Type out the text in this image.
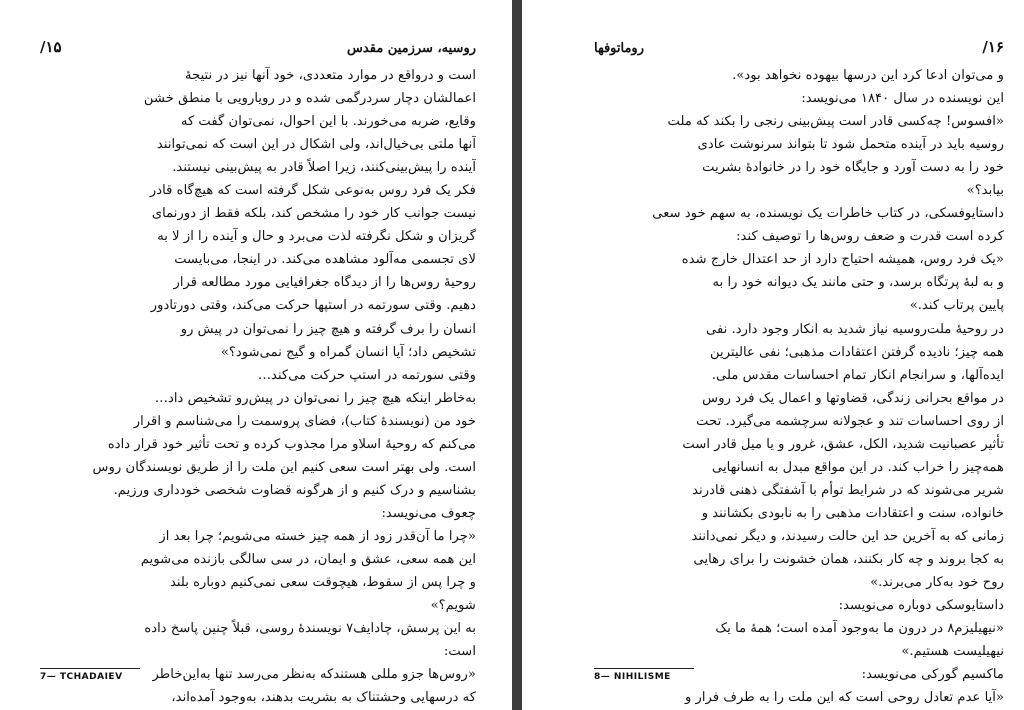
روسیه، سرزمین مقدس
۱۵/
است و درواقع در موارد متعددی، خود آنها نیز در نتیجهٔ
اعمالشان دچار سردرگمی شده و در رویارویی با منطق خشن
وقایع، ضربه می‌خورند. با این احوال، نمی‌توان گفت که
آنها ملتی بی‌خیال‌اند، ولی اشکال در این است که نمی‌توانند
آینده را پیش‌بینی‌کنند، زیرا اصلاً قادر به پیش‌بینی نیستند.
فکر یک فرد روس به‌نوعی شکل گرفته است که هیچ‌گاه قادر
نیست جوانب کار خود را مشخص کند، بلکه فقط از دورنمای
گریزان و شکل نگرفته لذت می‌برد و حال و آینده را از لا به
لای تجسمی مه‌آلود مشاهده می‌کند. در اینجا، می‌بایست
روحیهٔ روس‌ها را از دیدگاه جغرافیایی مورد مطالعه قرار
دهیم. وقتی سورتمه در استپها حرکت می‌کند، وقتی دورتادور
انسان را برف گرفته و هیچ چیز را نمی‌توان در پیش رو
تشخیص داد؛ آیا انسان گمراه و گیج نمی‌شود؟»
وقتی سورتمه در استپ حرکت می‌کند…
به‌خاطر اینکه هیچ چیز را نمی‌توان در پیش‌رو تشخیص داد…
خود من (نویسندهٔ کتاب)، فضای پروسمت را می‌شناسم و اقرار
می‌کنم که روحیهٔ اسلاو مرا مجذوب کرده و تحت تأثیر خود قرار داده
است. ولی بهتر است سعی کنیم این ملت را از طریق نویسندگان روس
بشناسیم و درک کنیم و از هرگونه قضاوت شخصی خودداری ورزیم.
چعوف می‌نویسد:
«چرا ما آن‌قدر زود از همه چیز خسته می‌شویم؛ چرا بعد از
این همه سعی، عشق و ایمان، در سی سالگی بازنده می‌شویم
و چرا پس از سقوط، هیچوقت سعی نمی‌کنیم دوباره بلند
شویم؟»
به این پرسش، چادایف۷ نویسندهٔ روسی، قبلاً چنین پاسخ داده
است:
«روس‌ها جزو مللی هستندکه به‌نظر می‌رسد تنها به‌این‌خاطر
که درسهایی وحشتناک به بشریت بدهند، به‌وجود آمده‌اند،
7— TCHADAIEV
۱۶/
روماتوفها
و می‌توان ادعا کرد این درسها بیهوده نخواهد بود».
این نویسنده در سال ۱۸۴۰ می‌نویسد:
«افسوس! چه‌کسی قادر است پیش‌بینی رنجی را بکند که ملت
روسیه باید در آینده متحمل شود تا بتواند سرنوشت عادی
خود را به دست آورد و جایگاه خود را در خانوادهٔ بشریت
بیابد؟»
داستایوفسکی، در کتاب خاطرات یک نویسنده، به سهم خود سعی
کرده است قدرت و ضعف روس‌ها را توصیف کند:
«یک فرد روس، همیشه احتیاج دارد از حد اعتدال خارج شده
و به لبهٔ پرتگاه برسد، و حتی مانند یک دیوانه خود را به
پایین پرتاب کند.»
در روحیهٔ ملت‌روسیه نیاز شدید به انکار وجود دارد. نفی
همه چیز؛ نادیده گرفتن اعتقادات مذهبی؛ نفی عالیترین
ایده‌آلها، و سرانجام انکار تمام احساسات مقدس ملی.
در مواقع بحرانی زندگی، قضاوتها و اعمال یک فرد روس
از روی احساسات تند و عجولانه سرچشمه می‌گیرد. تحت
تأثیر عصبانیت شدید، الکل، عشق، غرور و یا میل قادر است
همه‌چیز را خراب کند. در این مواقع مبدل به انسانهایی
شریر می‌شوند که در شرایط توأم با آشفتگی ذهنی قادرند
خانواده، سنت و اعتقادات مذهبی را به نابودی بکشانند و
زمانی که به آخرین حد این حالت رسیدند، و دیگر نمی‌دانند
به کجا بروند و چه کار بکنند، همان خشونت را برای رهایی
روح خود به‌کار می‌برند.»
داستایوسکی دوباره می‌نویسد:
«نیهیلیزم۸ در درون ما به‌وجود آمده است؛ همهٔ ما یک
نیهیلیست هستیم.»
ماکسیم گورکی می‌نویسد:
«آیا عدم تعادل روحی است که این ملت را به طرف فرار و
8— NIHILISME
